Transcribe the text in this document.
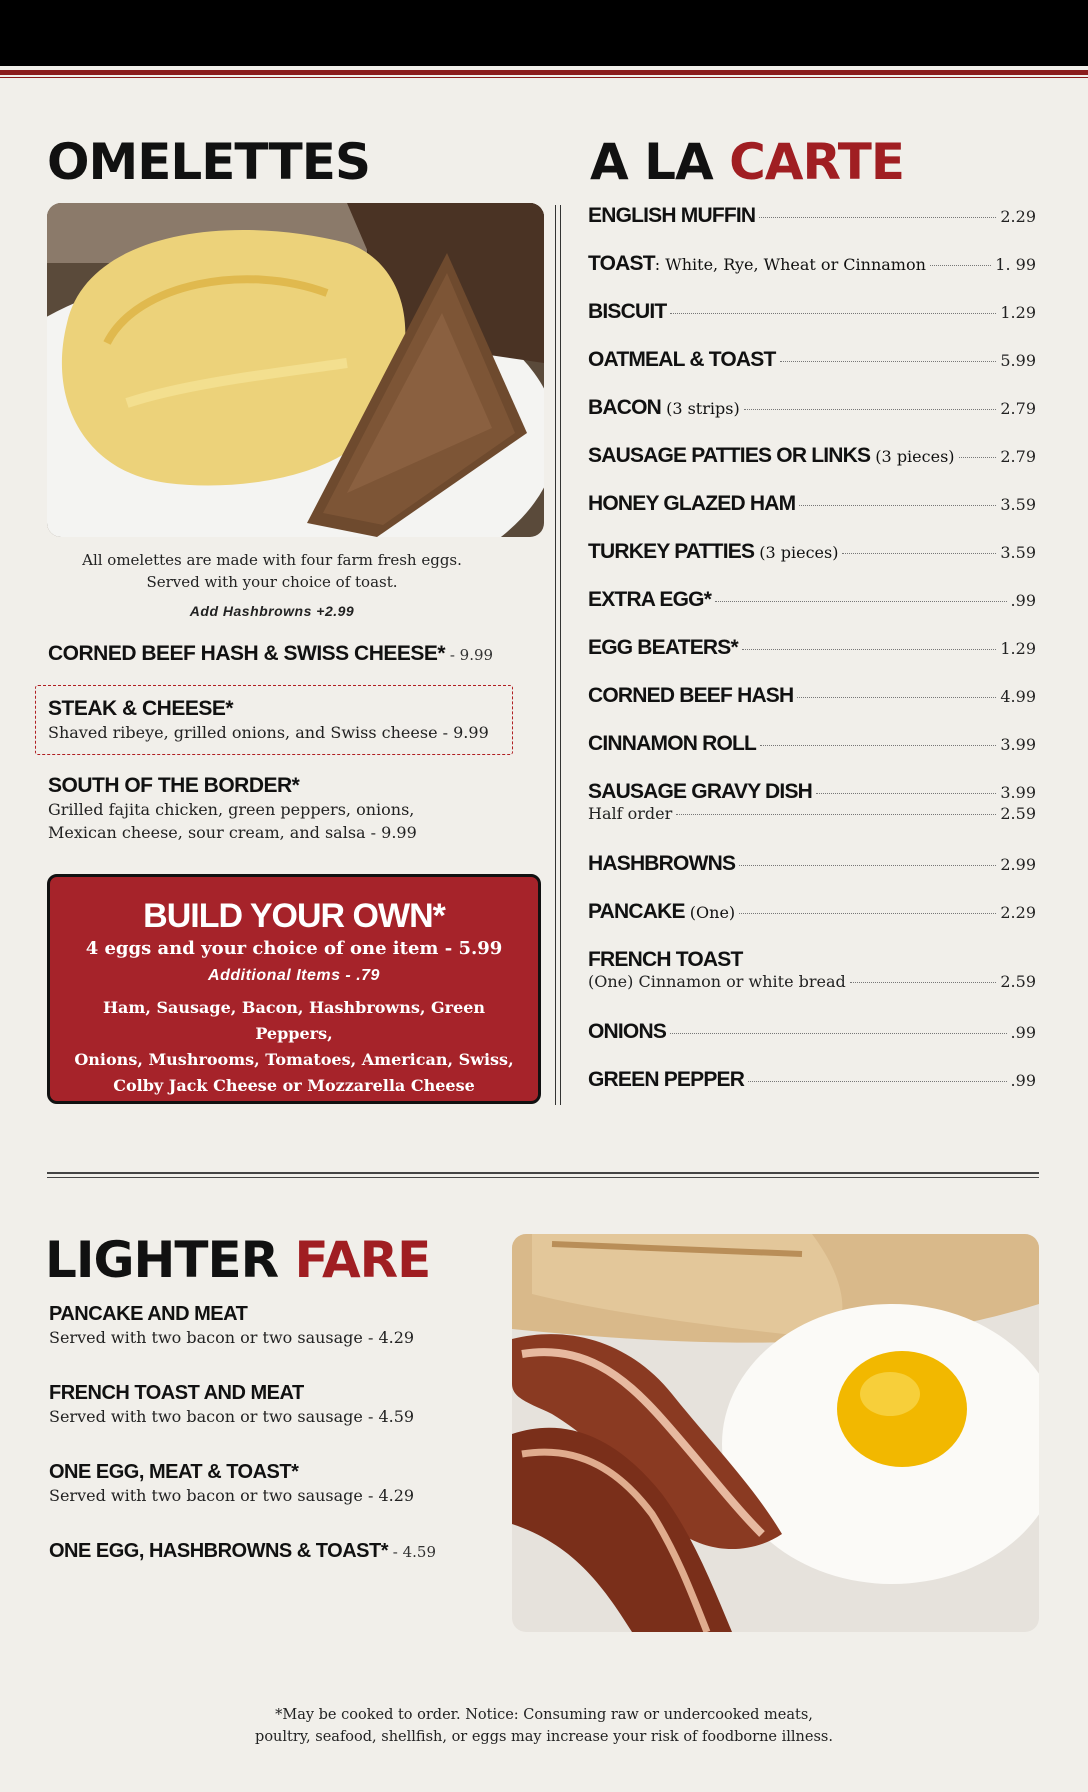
OMELETTES
All omelettes are made with four farm fresh eggs.
Served with your choice of toast.
Add Hashbrowns +2.99
CORNED BEEF HASH & SWISS CHEESE* - 9.99
STEAK & CHEESE*
Shaved ribeye, grilled onions, and Swiss cheese - 9.99
SOUTH OF THE BORDER*
Grilled fajita chicken, green peppers, onions,
Mexican cheese, sour cream, and salsa - 9.99
BUILD YOUR OWN*
4 eggs and your choice of one item - 5.99
Additional Items - .79
Ham, Sausage, Bacon, Hashbrowns, Green Peppers,
Onions, Mushrooms, Tomatoes, American, Swiss,
Colby Jack Cheese or Mozzarella Cheese
A LA CARTE
ENGLISH MUFFIN	2.29
TOAST: White, Rye, Wheat or Cinnamon	1. 99
BISCUIT	1.29
OATMEAL & TOAST	5.99
BACON (3 strips)	2.79
SAUSAGE PATTIES OR LINKS (3 pieces)	2.79
HONEY GLAZED HAM	3.59
TURKEY PATTIES (3 pieces)	3.59
EXTRA EGG*	.99
EGG BEATERS*	1.29
CORNED BEEF HASH	4.99
CINNAMON ROLL	3.99
SAUSAGE GRAVY DISH	3.99
Half order	2.59
HASHBROWNS	2.99
PANCAKE (One)	2.29
FRENCH TOAST
(One) Cinnamon or white bread	2.59
ONIONS	.99
GREEN PEPPER	.99
LIGHTER FARE
PANCAKE AND MEAT
Served with two bacon or two sausage - 4.29
FRENCH TOAST AND MEAT
Served with two bacon or two sausage - 4.59
ONE EGG, MEAT & TOAST*
Served with two bacon or two sausage - 4.29
ONE EGG, HASHBROWNS & TOAST* - 4.59
*May be cooked to order. Notice: Consuming raw or undercooked meats,
poultry, seafood, shellfish, or eggs may increase your risk of foodborne illness.
